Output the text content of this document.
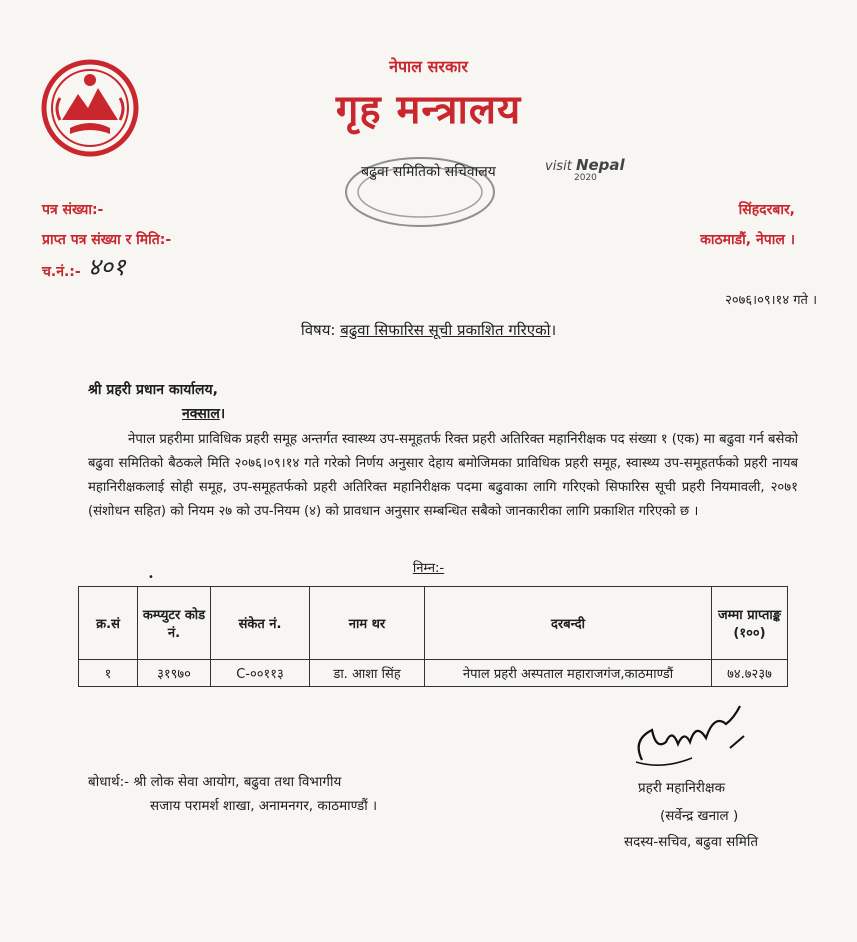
नेपाल सरकार
गृह मन्त्रालय
बढुवा समितिको सचिवालय	visit Nepal
2020
पत्र संख्या:-
प्राप्त पत्र संख्या र मिति:-
च.नं.:- ४०१
सिंहदरबार,
काठमाडौं, नेपाल ।
२०७६।०९।१४ गते ।
विषय: बढुवा सिफारिस सूची प्रकाशित गरिएको।
श्री प्रहरी प्रधान कार्यालय,
नक्साल।
नेपाल प्रहरीमा प्राविधिक प्रहरी समूह अन्तर्गत स्वास्थ्य उप-समूहतर्फ रिक्त प्रहरी अतिरिक्त महानिरीक्षक पद संख्या १ (एक) मा बढुवा गर्न बसेको बढुवा समितिको बैठकले मिति २०७६।०९।१४ गते गरेको निर्णय अनुसार देहाय बमोजिमका प्राविधिक प्रहरी समूह, स्वास्थ्य उप-समूहतर्फको प्रहरी नायब महानिरीक्षकलाई सोही समूह, उप-समूहतर्फको प्रहरी अतिरिक्त महानिरीक्षक पदमा बढुवाका लागि गरिएको सिफारिस सूची प्रहरी नियमावली, २०७१ (संशोधन सहित) को नियम २७ को उप-नियम (४) को प्रावधान अनुसार सम्बन्धित सबैको जानकारीका लागि प्रकाशित गरिएको छ ।
•
निम्न:-
क्र.सं	कम्प्युटर कोड नं.	संकेत नं.	नाम थर	दरबन्दी	जम्मा प्राप्ताङ्क (१००)
१	३१९७०	C-००११३	डा. आशा सिंह	नेपाल प्रहरी अस्पताल महाराजगंज,काठमाण्डौं	७४.७२३७
बोधार्थ:- श्री लोक सेवा आयोग, बढुवा तथा विभागीय
सजाय परामर्श शाखा, अनामनगर, काठमाण्डौं ।
प्रहरी महानिरीक्षक
(सर्वेन्द्र खनाल )
सदस्य-सचिव, बढुवा समिति
